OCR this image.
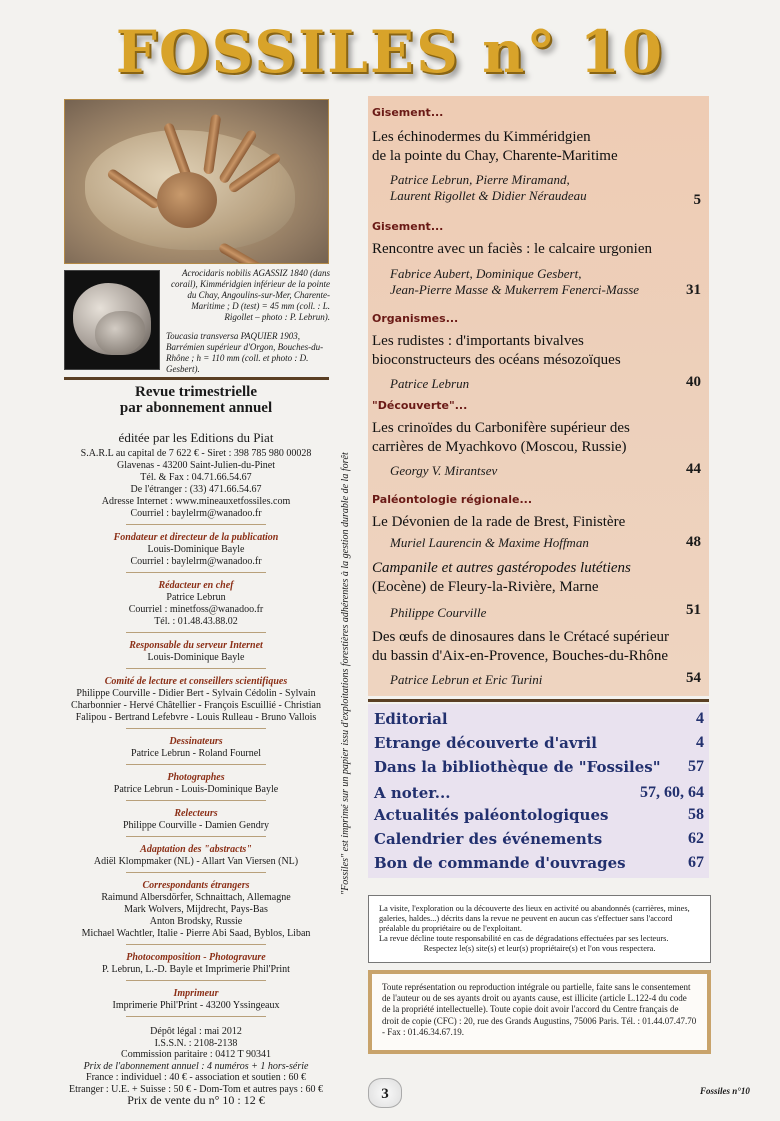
FOSSILES n° 10
Acrocidaris nobilis AGASSIZ 1840 (dans corail), Kimméridgien inférieur de la pointe du Chay, Angoulins-sur-Mer, Charente-Maritime ; D (test) = 45 mm (coll. : L. Rigollet – photo : P. Lebrun).
Toucasia transversa PAQUIER 1903, Barrémien supérieur d'Orgon, Bouches-du-Rhône ; h = 110 mm (coll. et photo : D. Gesbert).
Revue trimestrielle
par abonnement annuel
éditée par les Editions du Piat
S.A.R.L au capital de 7 622 € - Siret : 398 785 980 00028
Glavenas - 43200 Saint-Julien-du-Pinet
Tél. & Fax : 04.71.66.54.67
De l'étranger : (33) 471.66.54.67
Adresse Internet : www.mineauxetfossiles.com
Courriel : baylelrm@wanadoo.fr
Fondateur et directeur de la publication
Louis-Dominique Bayle
Courriel : baylelrm@wanadoo.fr
Rédacteur en chef
Patrice Lebrun
Courriel : minetfoss@wanadoo.fr
Tél. : 01.48.43.88.02
Responsable du serveur Internet
Louis-Dominique Bayle
Comité de lecture et conseillers scientifiques
Philippe Courville - Didier Bert - Sylvain Cédolin - Sylvain
Charbonnier - Hervé Châtellier - François Escuillié - Christian
Falipou - Bertrand Lefebvre - Louis Rulleau - Bruno Vallois
Dessinateurs
Patrice Lebrun - Roland Fournel
Photographes
Patrice Lebrun - Louis-Dominique Bayle
Relecteurs
Philippe Courville - Damien Gendry
Adaptation des "abstracts"
Adiël Klompmaker (NL) - Allart Van Viersen (NL)
Correspondants étrangers
Raimund Albersdörfer, Schnaittach, Allemagne
Mark Wolvers, Mijdrecht, Pays-Bas
Anton Brodsky, Russie
Michael Wachtler, Italie - Pierre Abi Saad, Byblos, Liban
Photocomposition - Photogravure
P. Lebrun, L.-D. Bayle et Imprimerie Phil'Print
Imprimeur
Imprimerie Phil'Print - 43200 Yssingeaux
Dépôt légal : mai 2012
I.S.S.N. : 2108-2138
Commission paritaire : 0412 T 90341
Prix de l'abonnement annuel : 4 numéros + 1 hors-série
France : individuel : 40 € - association et soutien : 60 €
Etranger : U.E. + Suisse : 50 € - Dom-Tom et autres pays : 60 €
Prix de vente du n° 10 : 12 €
"Fossiles" est imprimé sur un papier issu d'exploitations forestières adhérentes à la gestion durable de la forêt
Gisement...
Les échinodermes du Kimméridgien
de la pointe du Chay, Charente-Maritime
Patrice Lebrun, Pierre Miramand,
Laurent Rigollet & Didier Néraudeau	5
Gisement...
Rencontre avec un faciès : le calcaire urgonien
Fabrice Aubert, Dominique Gesbert,
Jean-Pierre Masse & Mukerrem Fenerci-Masse	31
Organismes...
Les rudistes : d'importants bivalves
bioconstructeurs des océans mésozoïques
Patrice Lebrun	40
"Découverte"...
Les crinoïdes du Carbonifère supérieur des
carrières de Myachkovo (Moscou, Russie)
Georgy V. Mirantsev	44
Paléontologie régionale...
Le Dévonien de la rade de Brest, Finistère
Muriel Laurencin & Maxime Hoffman	48
Campanile et autres gastéropodes lutétiens
(Eocène) de Fleury-la-Rivière, Marne
Philippe Courville	51
Des œufs de dinosaures dans le Crétacé supérieur
du bassin d'Aix-en-Provence, Bouches-du-Rhône
Patrice Lebrun et Eric Turini	54
Editorial	4
Etrange découverte d'avril	4
Dans la bibliothèque de "Fossiles" 57
A noter...	57, 60, 64
Actualités paléontologiques	58
Calendrier des événements	62
Bon de commande d'ouvrages	67
La visite, l'exploration ou la découverte des lieux en activité ou abandonnés (carrières, mines, galeries, haldes...) décrits dans la revue ne peuvent en aucun cas s'effectuer sans l'accord préalable du propriétaire ou de l'exploitant.
La revue décline toute responsabilité en cas de dégradations effectuées par ses lecteurs.
Respectez le(s) site(s) et leur(s) propriétaire(s) et l'on vous respectera.
Toute représentation ou reproduction intégrale ou partielle, faite sans le consentement de l'auteur ou de ses ayants droit ou ayants cause, est illicite (article L.122-4 du code de la propriété intellectuelle). Toute copie doit avoir l'accord du Centre français de droit de copie (CFC) : 20, rue des Grands Augustins, 75006 Paris. Tél. : 01.44.07.47.70 - Fax : 01.46.34.67.19.
3	Fossiles n°10
